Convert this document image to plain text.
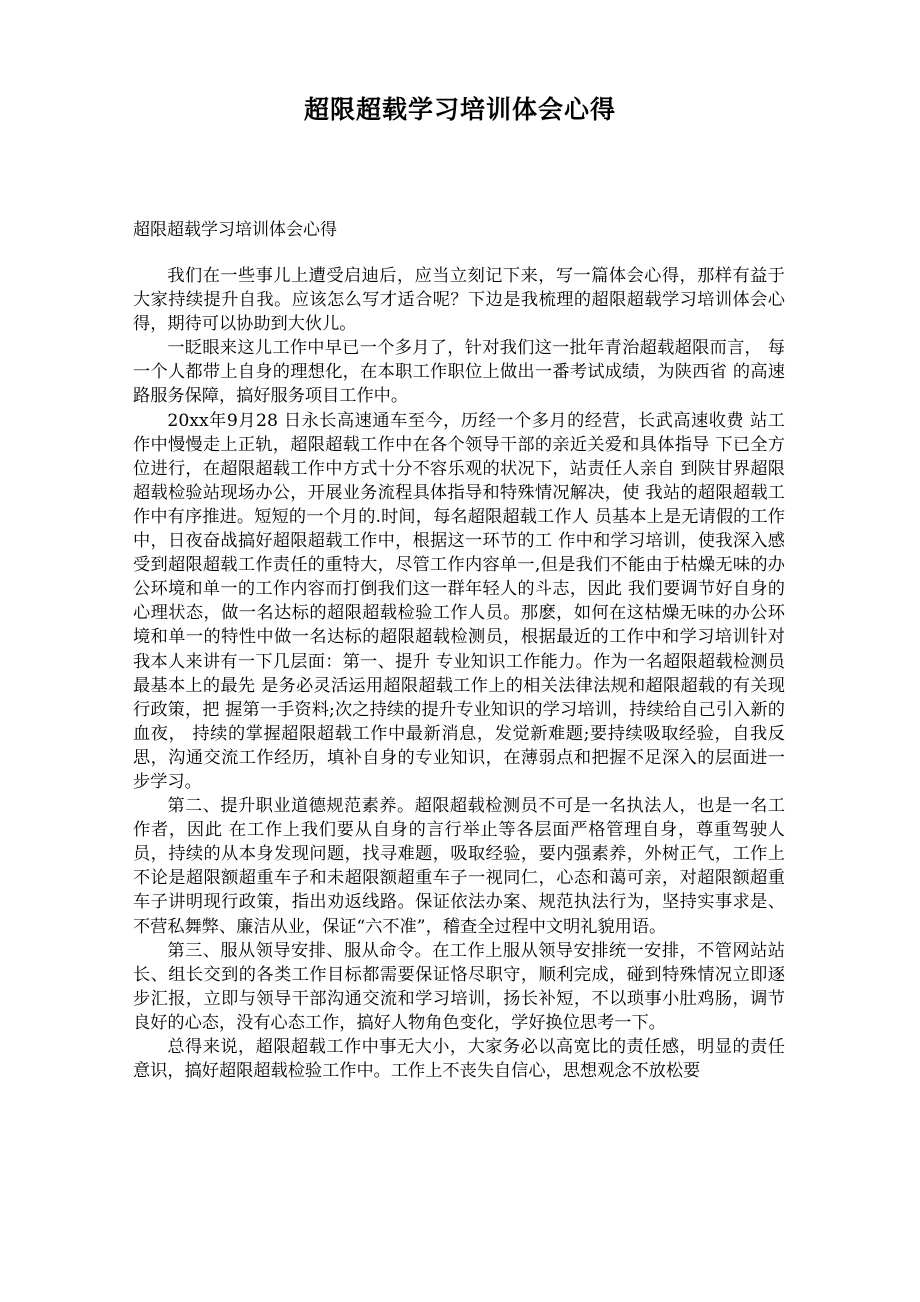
超限超载学习培训体会心得

超限超载学习培训体会心得

我们在一些事儿上遭受启迪后，应当立刻记下来，写一篇体会心得，那样有益于大家持续提升自我。应该怎么写才适合呢？下边是我梳理的超限超载学习培训体会心得，期待可以协助到大伙儿。

一眨眼来这儿工作中早已一个多月了，针对我们这一批年青治超载超限而言， 每一个人都带上自身的理想化，在本职工作职位上做出一番考试成绩，为陕西省 的高速路服务保障，搞好服务项目工作中。

20xx年9月28 日永长高速通车至今，历经一个多月的经营，长武高速收费 站工作中慢慢走上正轨，超限超载工作中在各个领导干部的亲近关爱和具体指导 下已全方位进行，在超限超载工作中方式十分不容乐观的状况下，站责任人亲自 到陕甘界超限超载检验站现场办公，开展业务流程具体指导和特殊情况解决，使 我站的超限超载工作中有序推进。短短的一个月的.时间，每名超限超载工作人 员基本上是无请假的工作中，日夜奋战搞好超限超载工作中，根据这一环节的工 作中和学习培训，使我深入感受到超限超载工作责任的重特大，尽管工作内容单一,但是我们不能由于枯燥无味的办公环境和单一的工作内容而打倒我们这一群年轻人的斗志，因此 我们要调节好自身的心理状态，做一名达标的超限超载检验工作人员。那麽，如何在这枯燥无味的办公环境和单一的特性中做一名达标的超限超载检测员，根据最近的工作中和学习培训针对我本人来讲有一下几层面：第一、提升 专业知识工作能力。作为一名超限超载检测员最基本上的最先 是务必灵活运用超限超载工作上的相关法律法规和超限超载的有关现行政策，把 握第一手资料;次之持续的提升专业知识的学习培训，持续给自己引入新的血夜， 持续的掌握超限超载工作中最新消息，发觉新难题;要持续吸取经验，自我反思，沟通交流工作经历，填补自身的专业知识，在薄弱点和把握不足深入的层面进一步学习。

第二、提升职业道德规范素养。超限超载检测员不可是一名执法人，也是一名工作者，因此 在工作上我们要从自身的言行举止等各层面严格管理自身，尊重驾驶人员，持续的从本身发现问题，找寻难题，吸取经验，要内强素养，外树正气，工作上不论是超限额超重车子和未超限额超重车子一视同仁，心态和蔼可亲，对超限额超重车子讲明现行政策，指出劝返线路。保证依法办案、规范执法行为，坚持实事求是、不营私舞弊、廉洁从业，保证“六不准”，稽查全过程中文明礼貌用语。

第三、服从领导安排、服从命令。在工作上服从领导安排统一安排，不管网站站长、组长交到的各类工作目标都需要保证恪尽职守，顺利完成，碰到特殊情况立即逐步汇报，立即与领导干部沟通交流和学习培训，扬长补短，不以琐事小肚鸡肠，调节良好的心态，没有心态工作，搞好人物角色变化，学好换位思考一下。

总得来说，超限超载工作中事无大小，大家务必以高宽比的责任感，明显的责任意识，搞好超限超载检验工作中。工作上不丧失自信心，思想观念不放松要
